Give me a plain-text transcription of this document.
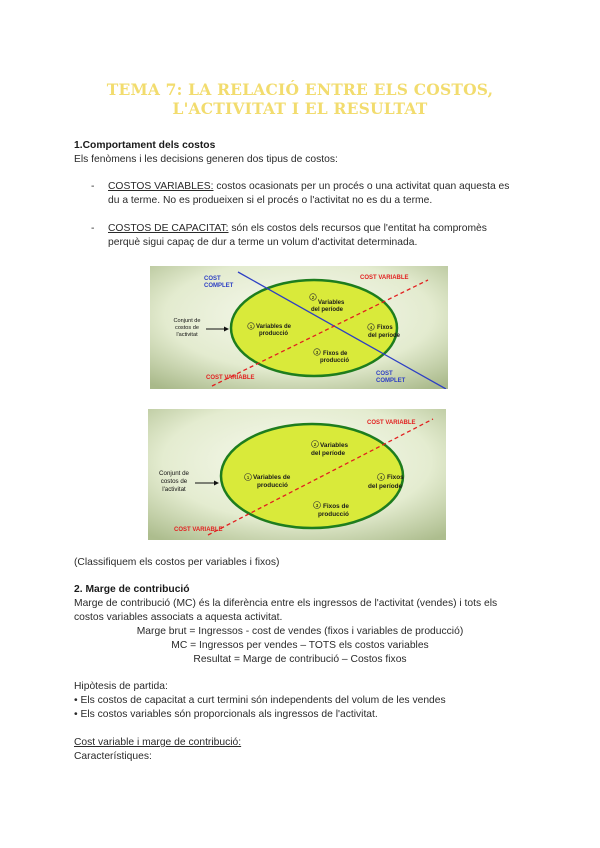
TEMA 7: LA RELACIÓ ENTRE ELS COSTOS,
L'ACTIVITAT I EL RESULTAT
1.Comportament dels costos
Els fenòmens i les decisions generen dos tipus de costos:
- COSTOS VARIABLES: costos ocasionats per un procés o una activitat quan aquesta es
du a terme. No es produeixen si el procés o l'activitat no es du a terme.
- COSTOS DE CAPACITAT: són els costos dels recursos que l'entitat ha compromès
perquè sigui capaç de dur a terme un volum d'activitat determinada.
COST
COMPLET
COST VARIABLE
Conjunt de
costos de
l'activitat
1 Variables de
producció
2
Variables
del període
3 Fixos de
producció
4 Fixos
del període
COST VARIABLE
COST
COMPLET
COST VARIABLE
Conjunt de
costos de
l'activitat
1 Variables de
producció
2 Variables
del període
3 Fixos de
producció
4 Fixos
del període
COST VARIABLE
(Classifiquem els costos per variables i fixos)
2. Marge de contribució
Marge de contribució (MC) és la diferència entre els ingressos de l'activitat (vendes) i tots els
costos variables associats a aquesta activitat.
Marge brut = Ingressos - cost de vendes (fixos i variables de producció)
MC = Ingressos per vendes – TOTS els costos variables
Resultat = Marge de contribució – Costos fixos
Hipòtesis de partida:
• Els costos de capacitat a curt termini són independents del volum de les vendes
• Els costos variables són proporcionals als ingressos de l'activitat.
Cost variable i marge de contribució:
Característiques:
